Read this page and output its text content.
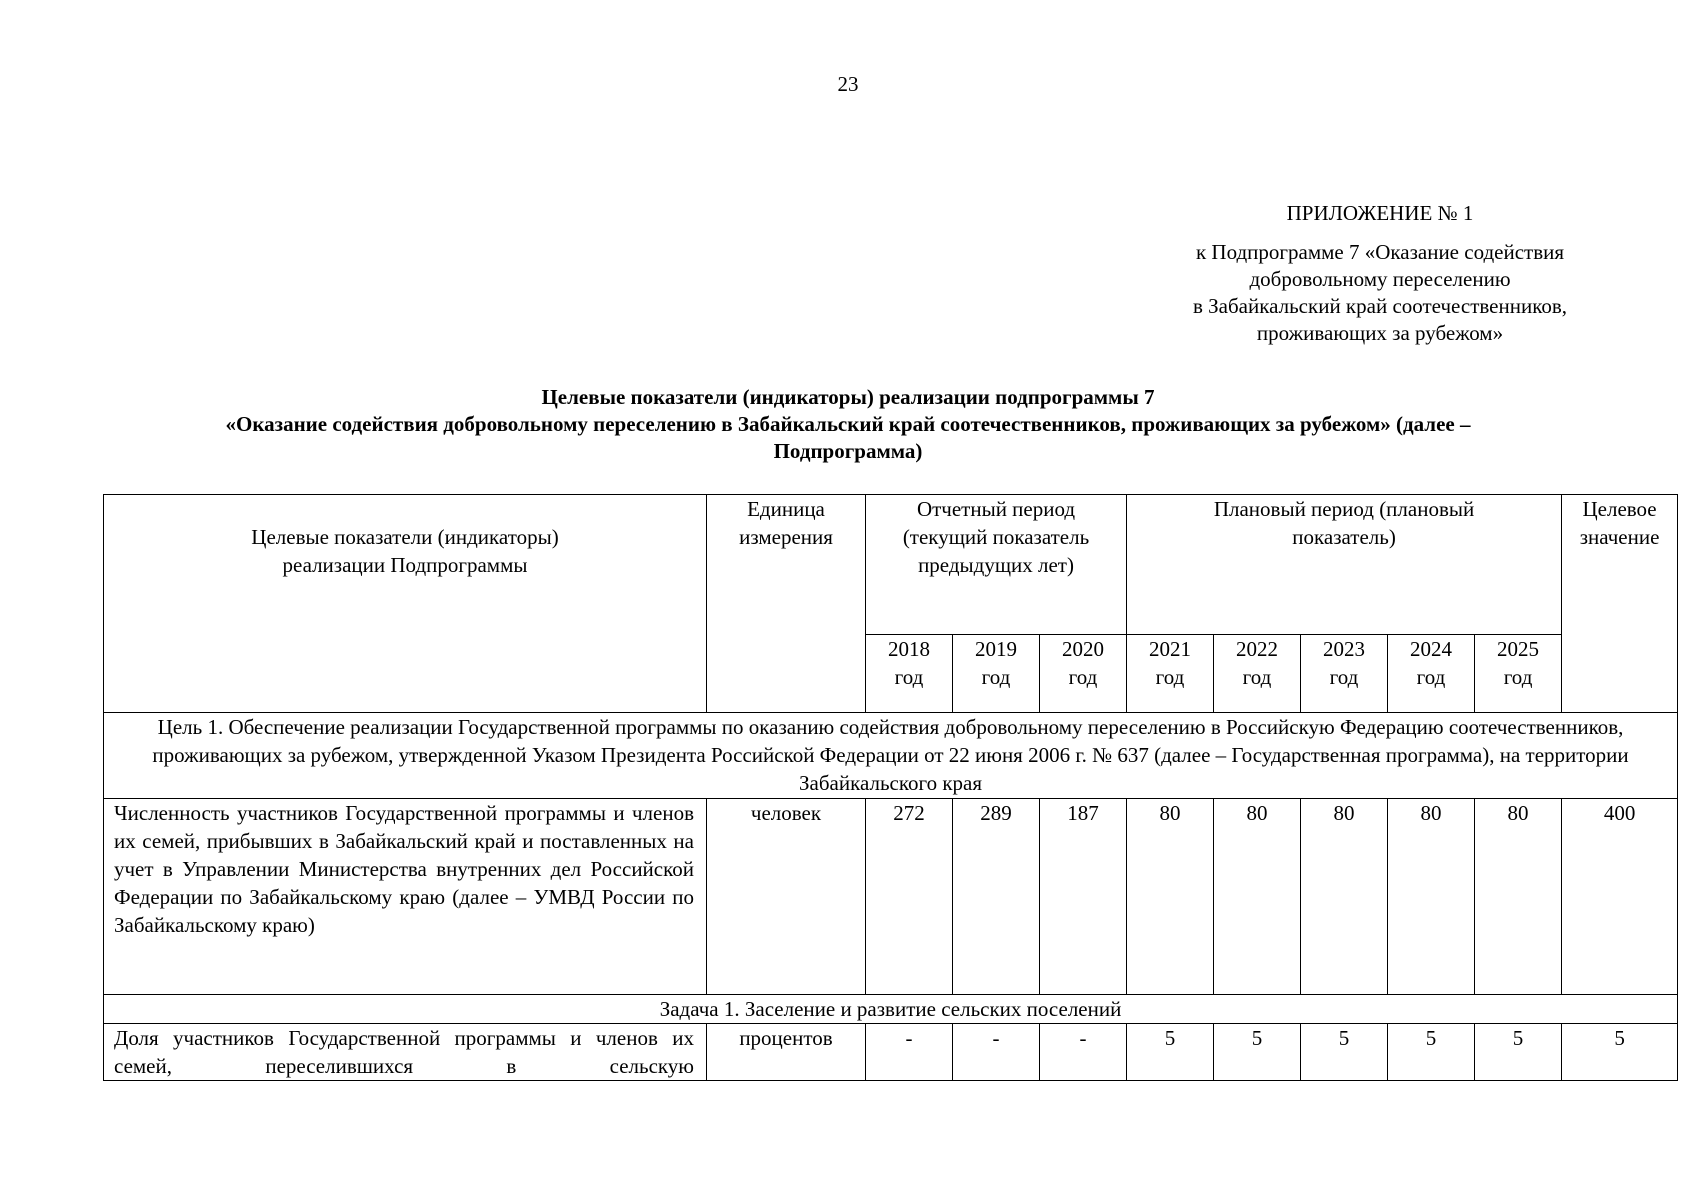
23
ПРИЛОЖЕНИЕ № 1
к Подпрограмме 7 «Оказание содействия
добровольному переселению
в Забайкальский край соотечественников,
проживающих за рубежом»
Целевые показатели (индикаторы) реализации подпрограммы 7
«Оказание содействия добровольному переселению в Забайкальский край соотечественников, проживающих за рубежом» (далее –
Подпрограмма)
Целевые показатели (индикаторы) реализации Подпрограммы	Единица измерения	Отчетный период (текущий показатель предыдущих лет)			Плановый период (плановый показатель)					Целевое значение
		2018 год	2019 год	2020 год	2021 год	2022 год	2023 год	2024 год	2025 год	
Цель 1. Обеспечение реализации Государственной программы по оказанию содействия добровольному переселению в Российскую Федерацию соотечественников, проживающих за рубежом, утвержденной Указом Президента Российской Федерации от 22 июня 2006 г. № 637 (далее – Государственная программа), на территории Забайкальского края										
Численность участников Государственной программы и членов их семей, прибывших в Забайкальский край и поставленных на учет в Управлении Министерства внутренних дел Российской Федерации по Забайкальскому краю (далее – УМВД России по Забайкальскому краю)	человек	272	289	187	80	80	80	80	80	400
Задача 1. Заселение и развитие сельских поселений										
Доля участников Государственной программы и членов их семей, переселившихся в сельскую	процентов	-	-	-	5	5	5	5	5	5
